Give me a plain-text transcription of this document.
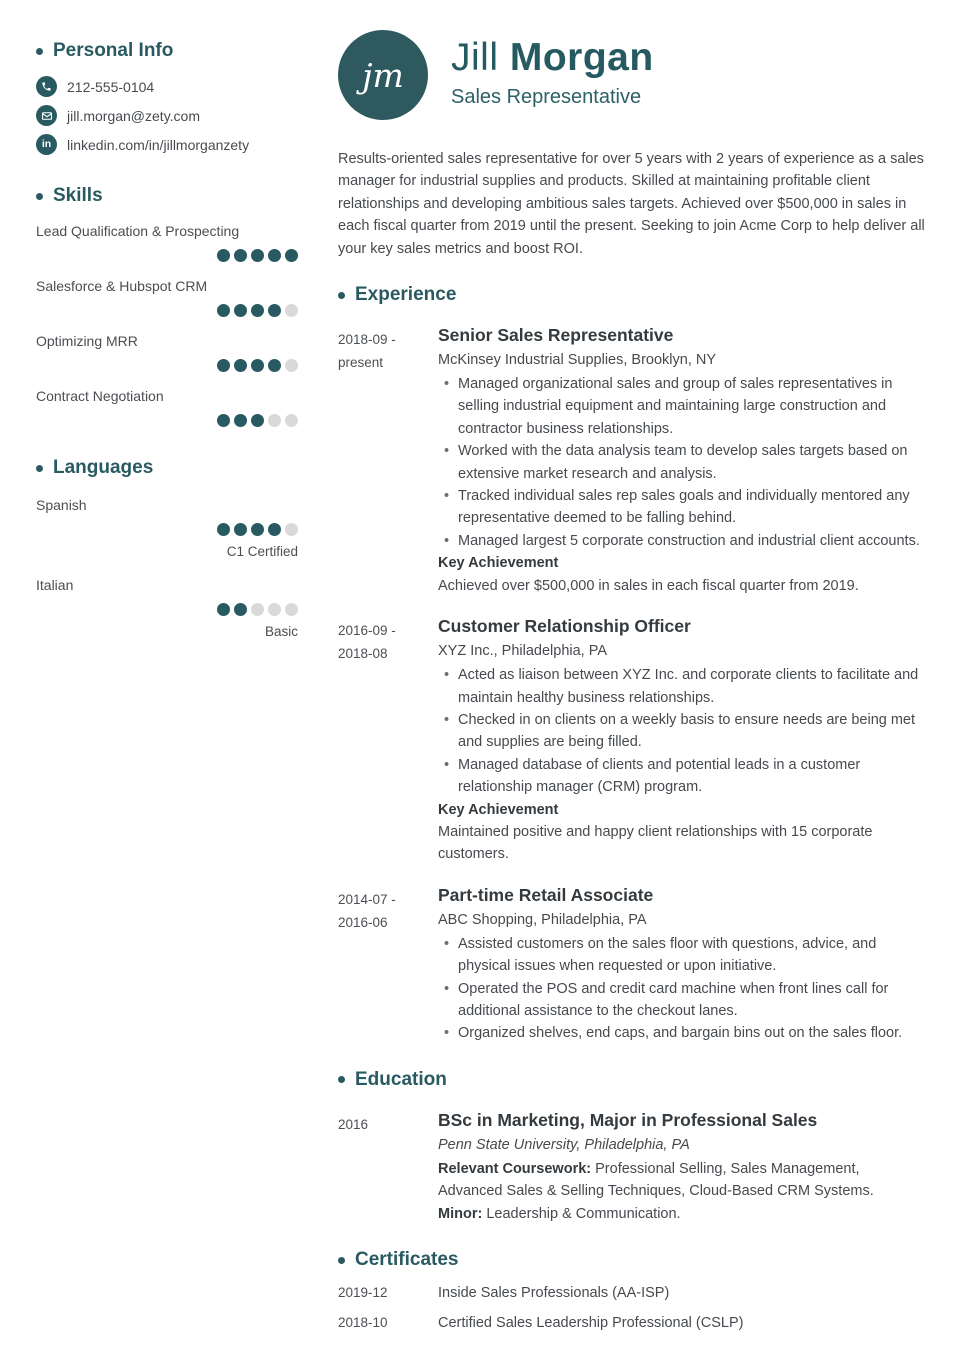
Personal Info
212-555-0104
jill.morgan@zety.com
in linkedin.com/in/jillmorganzety
Skills
Lead Qualification & Prospecting
Salesforce & Hubspot CRM
Optimizing MRR
Contract Negotiation
Languages
Spanish
C1 Certified
Italian
Basic
jm Jill Morgan
Sales Representative
Results-oriented sales representative for over 5 years with 2 years of experience as a sales manager for industrial supplies and products. Skilled at maintaining profitable client relationships and developing ambitious sales targets. Achieved over $500,000 in sales in each fiscal quarter from 2019 until the present. Seeking to join Acme Corp to help deliver all your key sales metrics and boost ROI.
Experience
2018-09 -
present
Senior Sales Representative
McKinsey Industrial Supplies, Brooklyn, NY
• Managed organizational sales and group of sales representatives in selling industrial equipment and maintaining large construction and contractor business relationships.
• Worked with the data analysis team to develop sales targets based on extensive market research and analysis.
• Tracked individual sales rep sales goals and individually mentored any representative deemed to be falling behind.
• Managed largest 5 corporate construction and industrial client accounts.
Key Achievement
Achieved over $500,000 in sales in each fiscal quarter from 2019.
2016-09 -
2018-08
Customer Relationship Officer
XYZ Inc., Philadelphia, PA
• Acted as liaison between XYZ Inc. and corporate clients to facilitate and maintain healthy business relationships.
• Checked in on clients on a weekly basis to ensure needs are being met and supplies are being filled.
• Managed database of clients and potential leads in a customer relationship manager (CRM) program.
Key Achievement
Maintained positive and happy client relationships with 15 corporate customers.
2014-07 -
2016-06
Part-time Retail Associate
ABC Shopping, Philadelphia, PA
• Assisted customers on the sales floor with questions, advice, and physical issues when requested or upon initiative.
• Operated the POS and credit card machine when front lines call for additional assistance to the checkout lanes.
• Organized shelves, end caps, and bargain bins out on the sales floor.
Education
2016	BSc in Marketing, Major in Professional Sales
Penn State University, Philadelphia, PA
Relevant Coursework: Professional Selling, Sales Management, Advanced Sales & Selling Techniques, Cloud-Based CRM Systems.
Minor: Leadership & Communication.
Certificates
2019-12	Inside Sales Professionals (AA-ISP)
2018-10	Certified Sales Leadership Professional (CSLP)
